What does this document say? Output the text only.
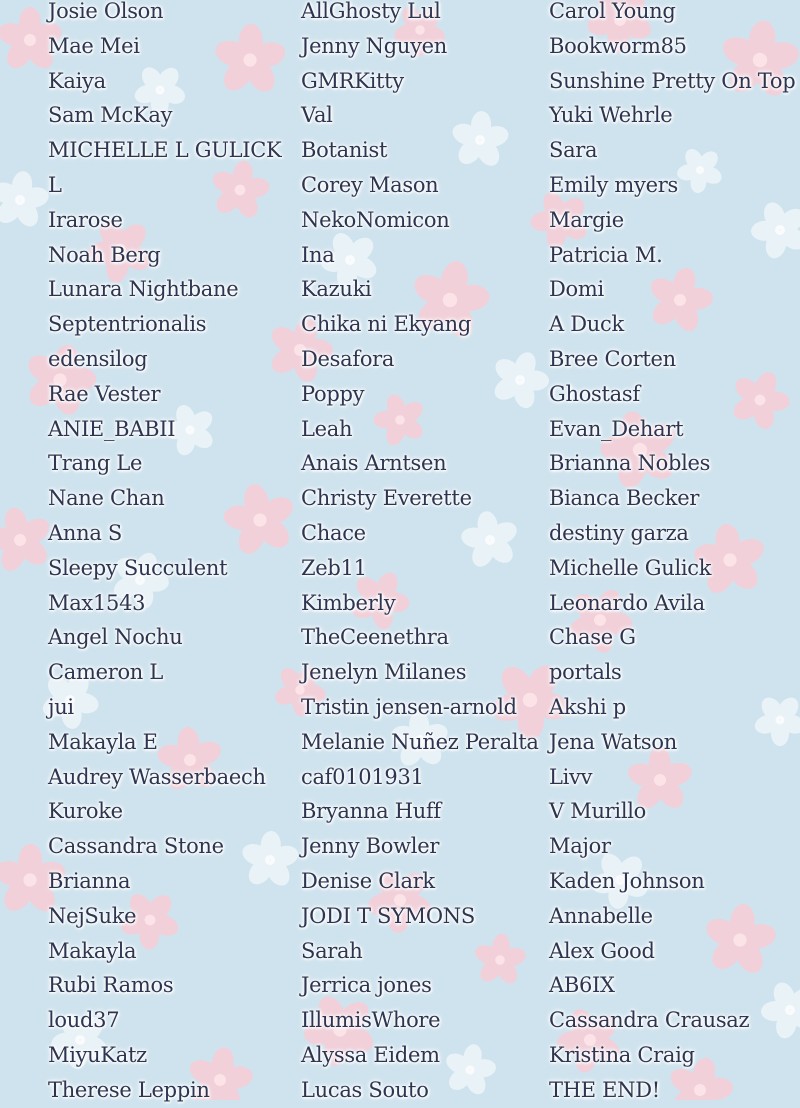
Josie Olson
Mae Mei
Kaiya
Sam McKay
MICHELLE L GULICK
L
Irarose
Noah Berg
Lunara Nightbane
Septentrionalis
edensilog
Rae Vester
ANIE_BABII
Trang Le
Nane Chan
Anna S
Sleepy Succulent
Max1543
Angel Nochu
Cameron L
jui
Makayla E
Audrey Wasserbaech
Kuroke
Cassandra Stone
Brianna
NejSuke
Makayla
Rubi Ramos
loud37
MiyuKatz
Therese Leppin
AllGhosty Lul
Jenny Nguyen
GMRKitty
Val
Botanist
Corey Mason
NekoNomicon
Ina
Kazuki
Chika ni Ekyang
Desafora
Poppy
Leah
Anais Arntsen
Christy Everette
Chace
Zeb11
Kimberly
TheCeenethra
Jenelyn Milanes
Tristin jensen-arnold
Melanie Nuñez Peralta
caf0101931
Bryanna Huff
Jenny Bowler
Denise Clark
JODI T SYMONS
Sarah
Jerrica jones
IllumisWhore
Alyssa Eidem
Lucas Souto
Carol Young
Bookworm85
Sunshine Pretty On Top
Yuki Wehrle
Sara
Emily myers
Margie
Patricia M.
Domi
A Duck
Bree Corten
Ghostasf
Evan_Dehart
Brianna Nobles
Bianca Becker
destiny garza
Michelle Gulick
Leonardo Avila
Chase G
portals
Akshi p
Jena Watson
Livv
V Murillo
Major
Kaden Johnson
Annabelle
Alex Good
AB6IX
Cassandra Crausaz
Kristina Craig
THE END!
